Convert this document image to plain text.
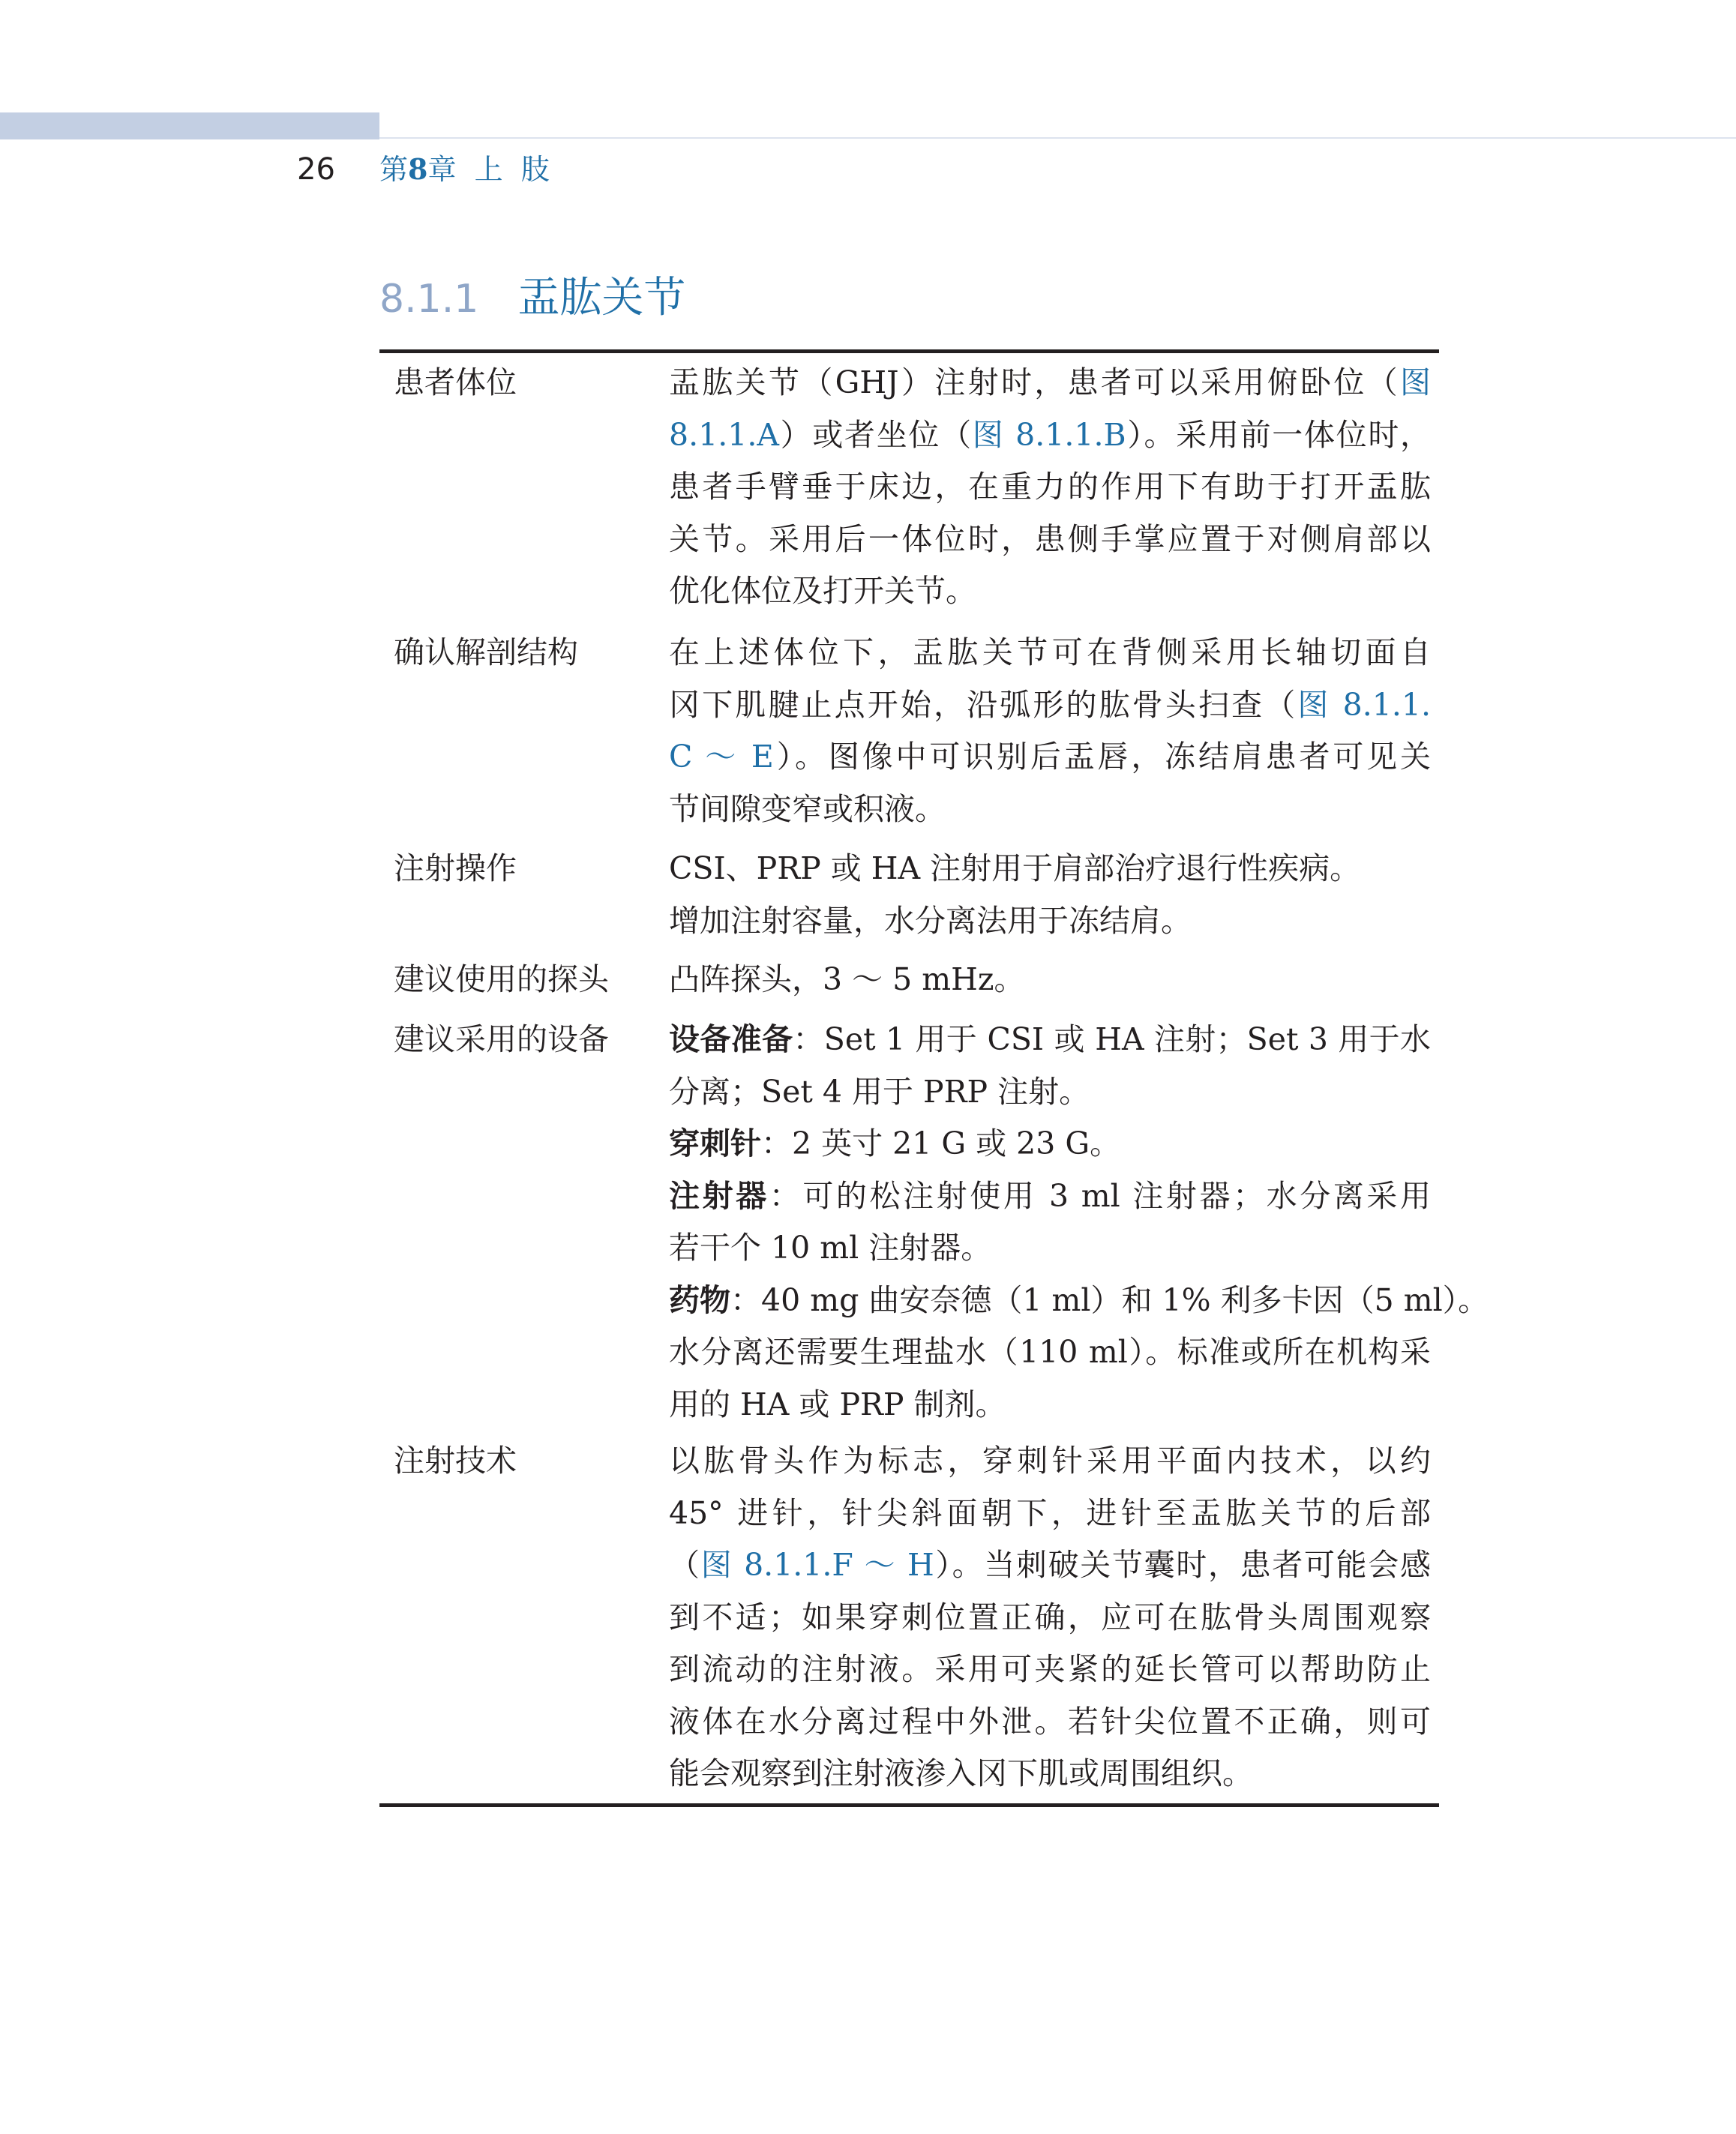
26 第8章  上  肢
8.1.1 盂肱关节
患者体位	盂肱关节（GHJ）注射时，患者可以采用俯卧位（图
8.1.1.A）或者坐位（图 8.1.1.B）。采用前一体位时，
患者手臂垂于床边，在重力的作用下有助于打开盂肱
关节。采用后一体位时，患侧手掌应置于对侧肩部以
优化体位及打开关节。
确认解剖结构	在上述体位下，盂肱关节可在背侧采用长轴切面自
冈下肌腱止点开始，沿弧形的肱骨头扫查（图 8.1.1.
C ～ E）。图像中可识别后盂唇，冻结肩患者可见关
节间隙变窄或积液。
注射操作	CSI、PRP 或 HA 注射用于肩部治疗退行性疾病。
增加注射容量，水分离法用于冻结肩。
建议使用的探头 凸阵探头，3 ～ 5 mHz。
建议采用的设备 设备准备：Set 1 用于 CSI 或 HA 注射；Set 3 用于水
分离；Set 4 用于 PRP 注射。
穿刺针：2 英寸 21 G 或 23 G。
注射器：可的松注射使用 3 ml 注射器；水分离采用
若干个 10 ml 注射器。
药物：40 mg 曲安奈德（1 ml）和 1% 利多卡因（5 ml）。
水分离还需要生理盐水（110 ml）。标准或所在机构采
用的 HA 或 PRP 制剂。
注射技术	以肱骨头作为标志，穿刺针采用平面内技术，以约
45° 进针，针尖斜面朝下，进针至盂肱关节的后部
（图 8.1.1.F ～ H）。当刺破关节囊时，患者可能会感
到不适；如果穿刺位置正确，应可在肱骨头周围观察
到流动的注射液。采用可夹紧的延长管可以帮助防止
液体在水分离过程中外泄。若针尖位置不正确，则可
能会观察到注射液渗入冈下肌或周围组织。
